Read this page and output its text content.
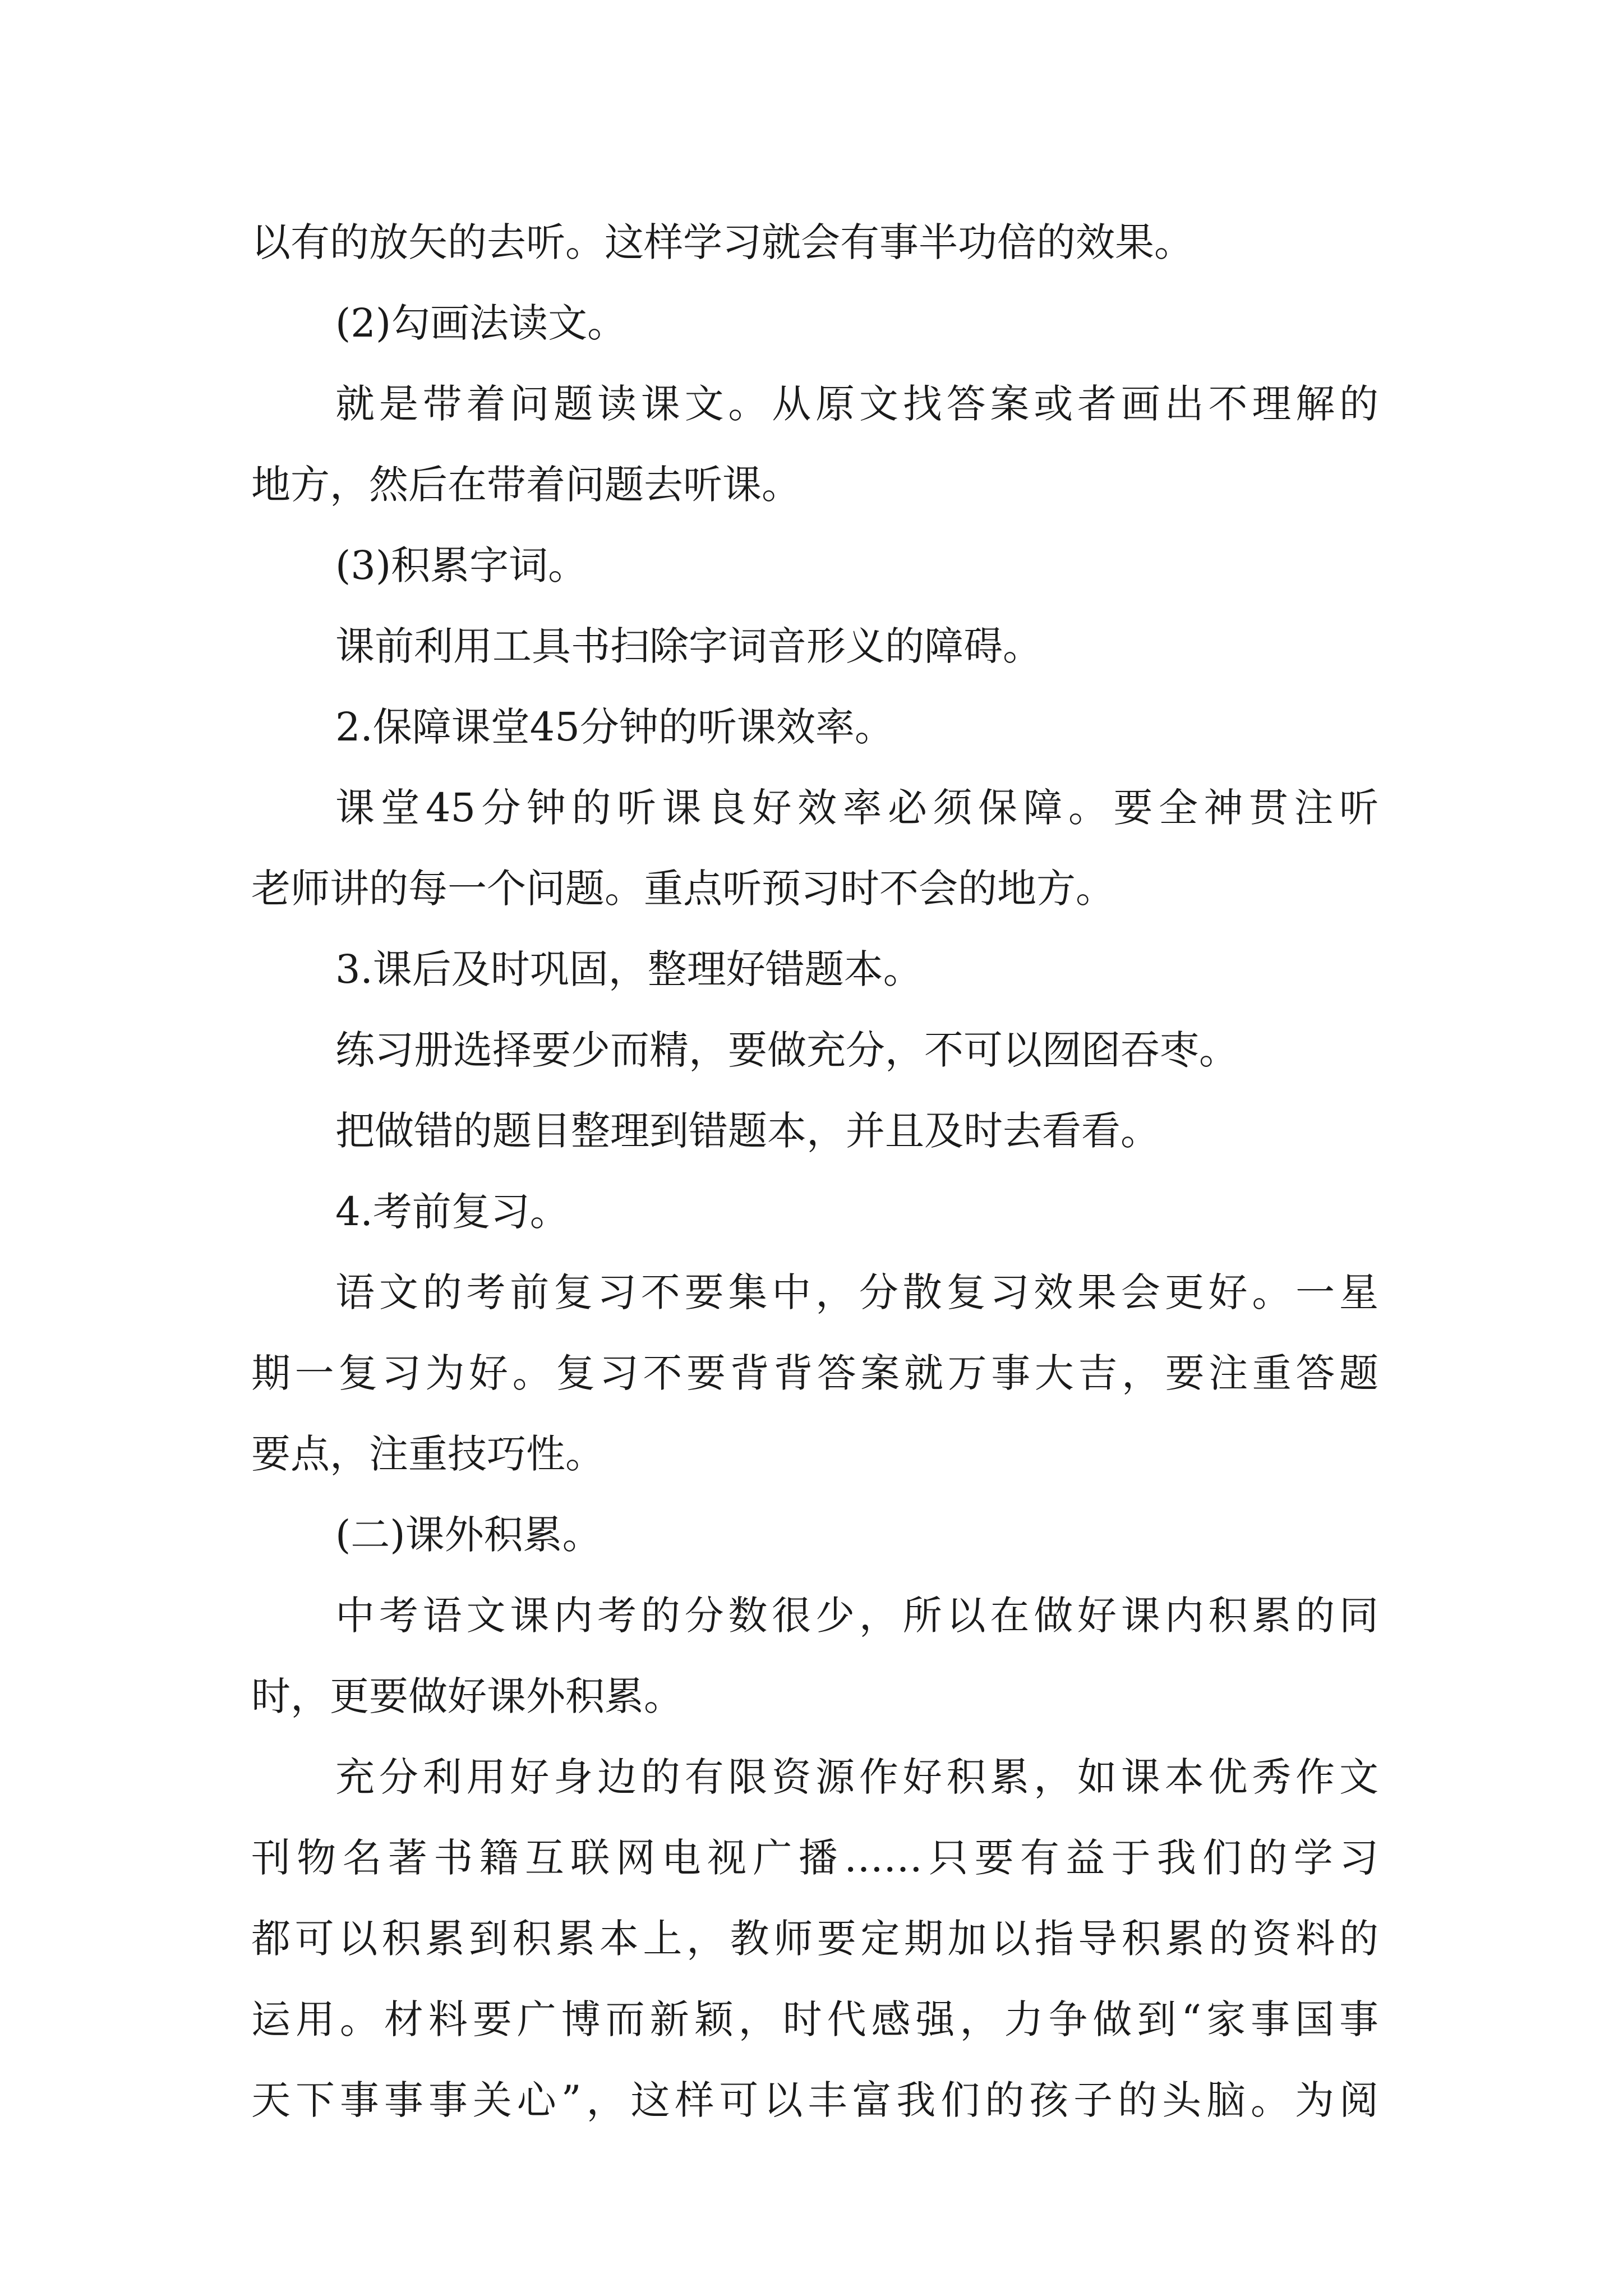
以有的放矢的去听。这样学习就会有事半功倍的效果。
(2)勾画法读文。
就是带着问题读课文。从原文找答案或者画出不理解的
地方，然后在带着问题去听课。
(3)积累字词。
课前利用工具书扫除字词音形义的障碍。
2.保障课堂45分钟的听课效率。
课堂45分钟的听课良好效率必须保障。要全神贯注听
老师讲的每一个问题。重点听预习时不会的地方。
3.课后及时巩固，整理好错题本。
练习册选择要少而精，要做充分，不可以囫囵吞枣。
把做错的题目整理到错题本，并且及时去看看。
4.考前复习。
语文的考前复习不要集中，分散复习效果会更好。一星
期一复习为好。复习不要背背答案就万事大吉，要注重答题
要点，注重技巧性。
(二)课外积累。
中考语文课内考的分数很少，所以在做好课内积累的同
时，更要做好课外积累。
充分利用好身边的有限资源作好积累，如课本优秀作文
刊物名著书籍互联网电视广播……只要有益于我们的学习
都可以积累到积累本上，教师要定期加以指导积累的资料的
运用。材料要广博而新颖，时代感强，力争做到“家事国事
天下事事事关心”，这样可以丰富我们的孩子的头脑。为阅
